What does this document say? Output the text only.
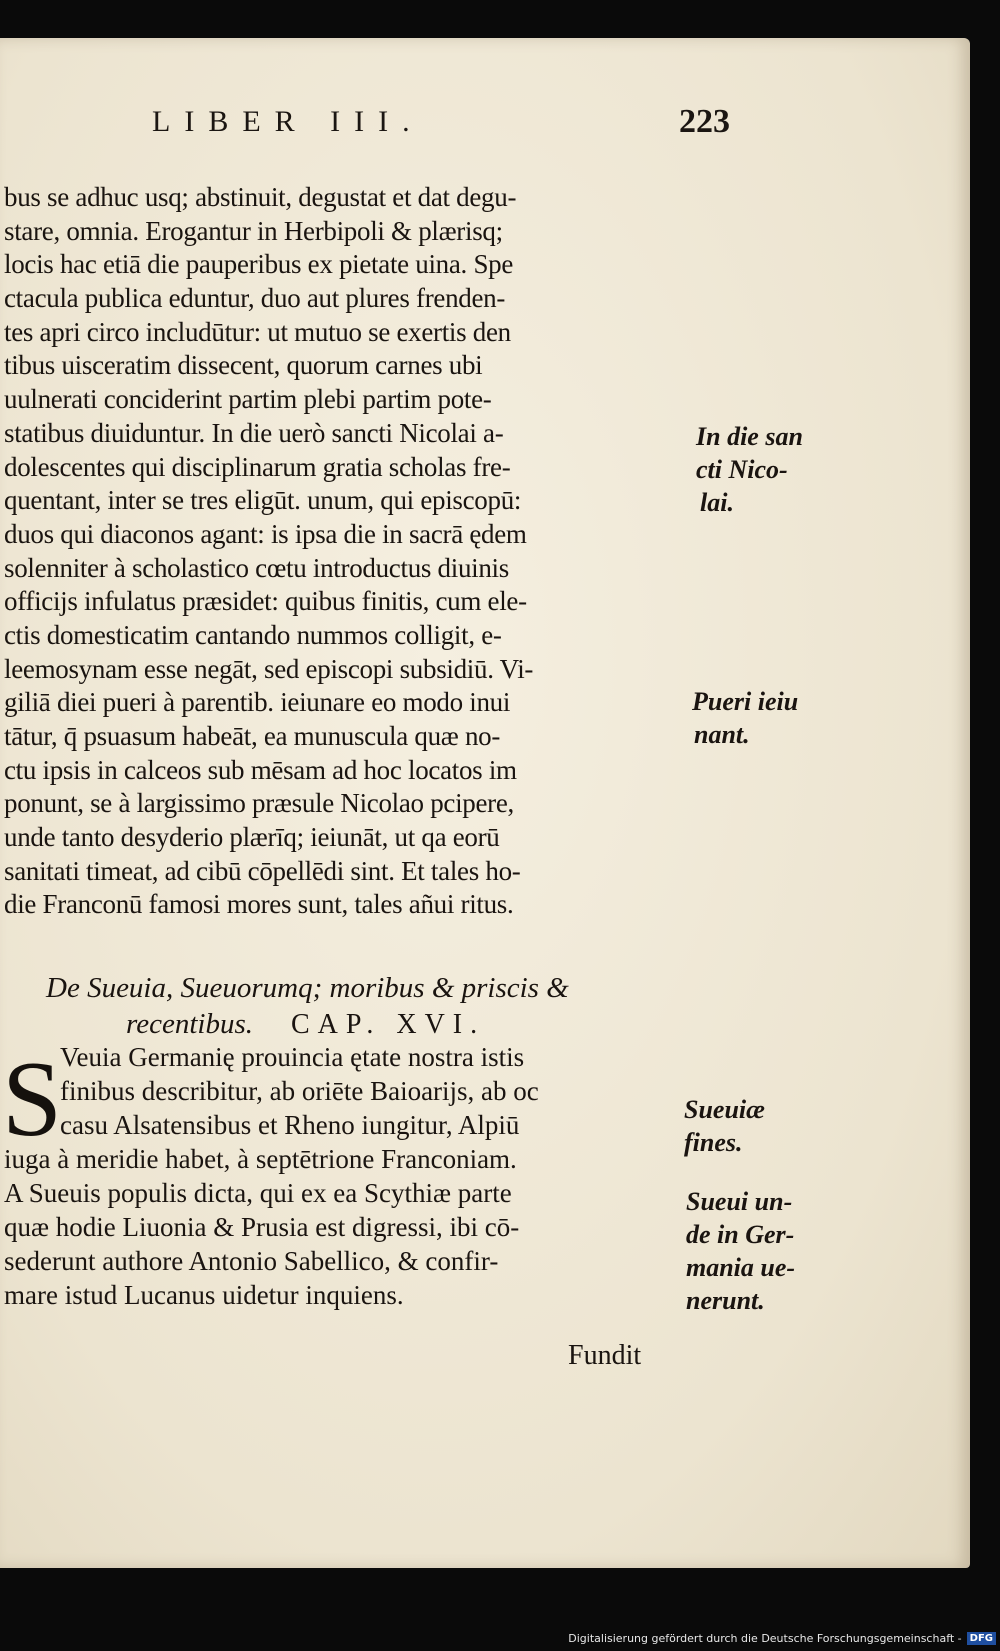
LIBER III.	223
bus se adhuc usq; abstinuit, degustat et dat degu-
stare, omnia. Erogantur in Herbipoli & plærisq;
locis hac etiā die pauperibus ex pietate uina. Spe
ctacula publica eduntur, duo aut plures frenden-
tes apri circo includūtur: ut mutuo se exertis den
tibus uisceratim dissecent, quorum carnes ubi
uulnerati conciderint partim plebi partim pote-
statibus diuiduntur. In die uerò sancti Nicolai a-
dolescentes qui disciplinarum gratia scholas fre-
quentant, inter se tres eligūt. unum, qui episcopū:
duos qui diaconos agant: is ipsa die in sacrā ędem
solenniter à scholastico cœtu introductus diuinis
officijs infulatus præsidet: quibus finitis, cum ele-
ctis domesticatim cantando nummos colligit, e-
leemosynam esse negāt, sed episcopi subsidiū. Vi-
giliā diei pueri à parentib. ieiunare eo modo inui
tātur, q̄ psuasum habeāt, ea munuscula quæ no-
ctu ipsis in calceos sub mēsam ad hoc locatos im
ponunt, se à largissimo præsule Nicolao pcipere,
unde tanto desyderio plærīq; ieiunāt, ut qa eorū
sanitati timeat, ad cibū cōpellēdi sint. Et tales ho-
die Franconū famosi mores sunt, tales añui ritus.
In die san
cti Nico-
lai.
Pueri ieiu
nant.
De Sueuia, Sueuorumq; moribus & priscis &
recentibus. CAP. XVI.
S
Veuia Germanię prouincia ętate nostra istis
finibus describitur, ab oriēte Baioarijs, ab oc
casu Alsatensibus et Rheno iungitur, Alpiū
iuga à meridie habet, à septētrione Franconiam.
A Sueuis populis dicta, qui ex ea Scythiæ parte
quæ hodie Liuonia & Prusia est digressi, ibi cō-
sederunt authore Antonio Sabellico, & confir-
mare istud Lucanus uidetur inquiens.
Sueuiæ
fines.
Sueui un-
de in Ger-
mania ue-
nerunt.
Fundit
Digitalisierung gefördert durch die Deutsche Forschungsgemeinschaft - DFG
